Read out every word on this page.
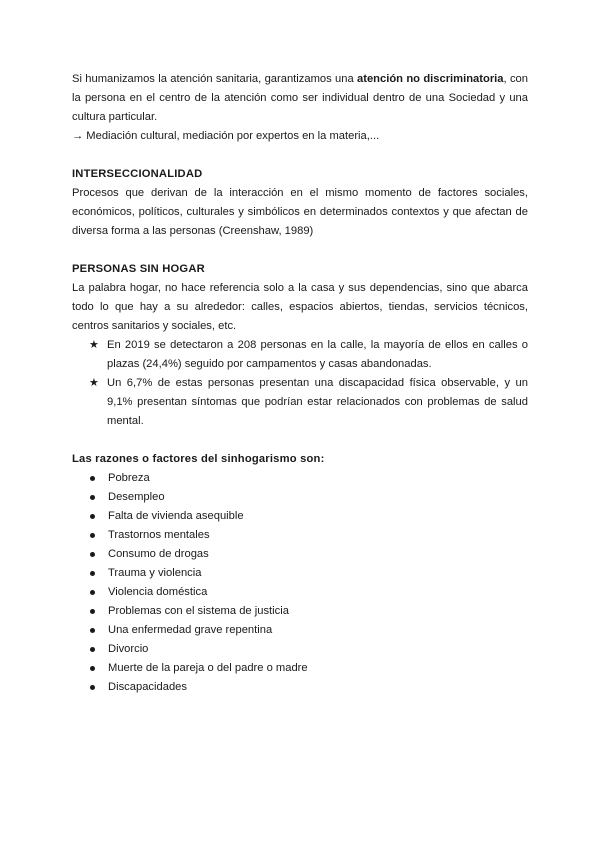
Si humanizamos la atención sanitaria, garantizamos una atención no discriminatoria, con la persona en el centro de la atención como ser individual dentro de una Sociedad y una cultura particular.

→ Mediación cultural, mediación por expertos en la materia,...

INTERSECCIONALIDAD

Procesos que derivan de la interacción en el mismo momento de factores sociales, económicos, políticos, culturales y simbólicos en determinados contextos y que afectan de diversa forma a las personas (Creenshaw, 1989)

PERSONAS SIN HOGAR

La palabra hogar, no hace referencia solo a la casa y sus dependencias, sino que abarca todo lo que hay a su alrededor: calles, espacios abiertos, tiendas, servicios técnicos, centros sanitarios y sociales, etc.

★ En 2019 se detectaron a 208 personas en la calle, la mayoría de ellos en calles o plazas (24,4%) seguido por campamentos y casas abandonadas.
★ Un 6,7% de estas personas presentan una discapacidad física observable, y un 9,1% presentan síntomas que podrían estar relacionados con problemas de salud mental.

Las razones o factores del sinhogarismo son:

Pobreza
Desempleo
Falta de vivienda asequible
Trastornos mentales
Consumo de drogas
Trauma y violencia
Violencia doméstica
Problemas con el sistema de justicia
Una enfermedad grave repentina
Divorcio
Muerte de la pareja o del padre o madre
Discapacidades
